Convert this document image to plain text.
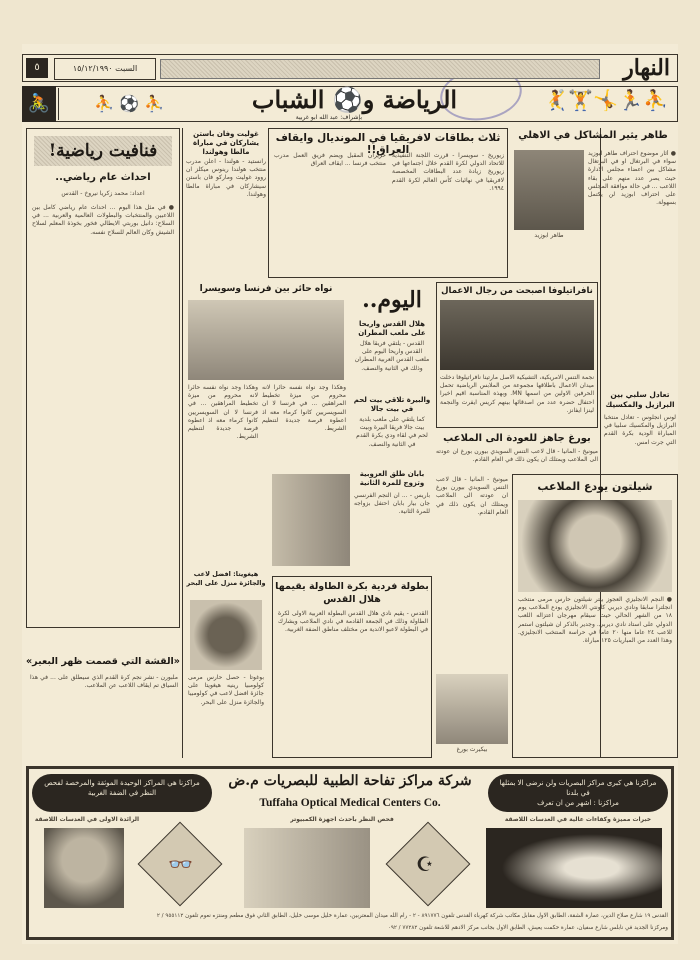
النهار
السبت ١٥/١٢/١٩٩٠
٥
⛹🏃🤸🏋🤾
الرياضة و⚽ الشباب
بإشراف: عبد الله ابو غربية
⛹ ⚽ ⛹
🚴
طاهر يثير المشاكل في الاهلي
● أثار موضوع احتراف طاهر ابوزيد سواء في البرتغال او في البرتغال مشاكل بين اعضاء مجلس الادارة حيث يصر عدد منهم على بقاء اللاعب ... في حالة موافقة المجلس على احتراف ابوزيد لن يكتمل بسهولة.
طاهر ابوزيد
ثلاث بطاقات لافريقيا في المونديال وايقاف العراق!!
زيوريخ - سويسرا - قررت اللجنة التنفيذية للاتحاد الدولي لكرة القدم خلال اجتماعها في زيوريخ زيادة عدد البطاقات المخصصة لافريقيا في نهائيات كأس العالم لكرة القدم ١٩٩٤.
حزيران المقبل ويضم فريق العمل مدرب منتخب فرنسا ... ايقاف العراق
غوليت وفان باستن يشاركان في مباراة مالطا وهولندا
رانستيد - هولندا - اعلن مدرب منتخب هولندا رينوس ميكلز ان روود غوليت وماركو فان باستن سيشاركان في مباراة مالطا وهولندا.
فنافيت رياضية!
احداث عام رياضي..
اعداد: محمد زكريا نيروخ - القدس
● في مثل هذا اليوم ... احداث عام رياضي كامل بين اللاعبين والمنتخبات والبطولات العالمية والعربية ... في السلاح: دانيل بوربتي الايطالي فخور بخوذة المعلم لسلاح الشيش وكان العالم للسلاح نفسه.
«القشة التي قصمت ظهر البعير»
ملبورن - نشر نجم كرة القدم الذي سيطلق على ... في هذا السياق تم ايقاف اللاعب عن الملاعب.
نواه حائر بين فرنسا وسويسرا
وهكذا وجد نواه نفسه حائرا لانه محروم من ميزة تخطيط المراهقين ... في فرنسا لا ان السويسريين كانوا كرماء معه اذ اعطوه فرصة جديدة لتنظيم الشريط.
وهكذا وجد نواه نفسه حائرا لانه محروم من ميزة تخطيط المراهقين ... في فرنسا لا ان السويسريين كانوا كرماء معه اذ اعطوه فرصة جديدة لتنظيم الشريط.
اليوم..
هلال القدس واريحا على ملعب المطران
القدس - يلتقي فريقا هلال القدس واريحا اليوم على ملعب القدس العربية المطران وذلك في الثانية والنصف.
والبيرة تلاقي بيت لحم في بيت جالا
كما يلتقي على ملعب بلدية بيت جالا فريقا البيرة وبيت لحم في لقاء ودي بكرة القدم في الثانية والنصف.
نافراتيلوفا اصبحت من رجال الاعمال
نجمة التنس الامريكية، التشيكية الاصل مارتينا نافراتيلوفا دخلت ميدان الاعمال باطلاقها مجموعة من الملابس الرياضية تحمل الحرفين الاولين من اسمها MN. وبهذه المناسبة اقيم اخيرا احتفال حضره عدد من اصدقائها بينهم كريس ايفرت والنجمة لينزا ايفانز.
تعادل سلبي بين البرازيل والمكسيك
لوس انجلوس - تعادل منتخبا البرازيل والمكسيك سلبيا في المباراة الودية بكرة القدم التي جرت امس.
بورغ جاهز للعودة الى الملاعب
ميونيخ - المانيا - قال لاعب التنس السويدي بيورن بورغ ان عودته الى الملاعب ويمتلك ان يكون ذلك في العام القادم.
ميونيخ - المانيا - قال لاعب التنس السويدي بيورن بورغ ان عودته الى الملاعب ويمتلك ان يكون ذلك في العام القادم.
شيلتون يودع الملاعب
● النجم الانجليزي العجوز بيتر شيلتون حارس مرمى منتخب انجلترا سابقا ونادي ديربي كاونتي الانجليزي يودع الملاعب يوم ١٨ من الشهر الحالي حيث سيقام مهرجان اعتزاله اللعب الدولي على استاد نادي ديربي. وجدير بالذكر ان شيلتون استمر للاعب ٢٤ عاما منها ٢٠ عاما في حراسة المنتخب الانجليزي. وهذا العدد من المباريات ١٢٥ مباراة.
بابان طلق العزوبية وتزوج للمرة الثانية
باريس - ... ان النجم الفرنسي جان بيار بابان احتفل بزواجه للمرة الثانية.
هيغويتا: افضل لاعب والجائزة منزل على البحر
بوغوتا - حصل حارس مرمى كولومبيا رينيه هيغويتا على جائزة افضل لاعب في كولومبيا والجائزة منزل على البحر.
بطولة فردية بكرة الطاولة يقيمها هلال القدس
القدس - يقيم نادي هلال القدس البطولة العربية الاولى لكرة الطاولة وذلك في الجمعة القادمة في نادي الملاعب ويشارك في البطولة لاعبو الاندية من مختلف مناطق الضفة الغربية.
بيكيرت بورغ
شركة مراكز تفاحة الطبية للبصريات م.ض
Tuffaha Optical Medical Centers Co.
مراكزنا هي كبرى مراكز البصريات ولن نرضى الا بمثلها في بلدنا
مراكزنا : اشهر من ان تعرف
مراكزنا هي المراكز الوحيدة الموثقة والمرخصة لفحص النظر في الضفة الغربية
خبرات مميزة وكفاءات عالية في العدسات اللاصقة
فحص النظر بأحدث اجهزة الكمبيوتر
الرائدة الاولى في العدسات اللاصقة
👓	☪
القدس ١٩ شارع صلاح الدين، عمارة الشقة، الطابق الاول مقابل مكاتب شركة كهرباء القدس تلفون ٨٩١٧٧٦ - ٢ - رام الله ميدان المغتربين، عمارة خليل موسى خليل، الطابق الثاني فوق مطعم ومنتزه نعوم تلفون ٩٥٥١١٢ / ٢
ومركزنا الجديد في نابلس شارع سفيان، عمارة حكمت يعيش، الطابق الاول بجانب مركز الادهم للاشعة تلفون ٧٧٢٨٢ / ٠٩٢
